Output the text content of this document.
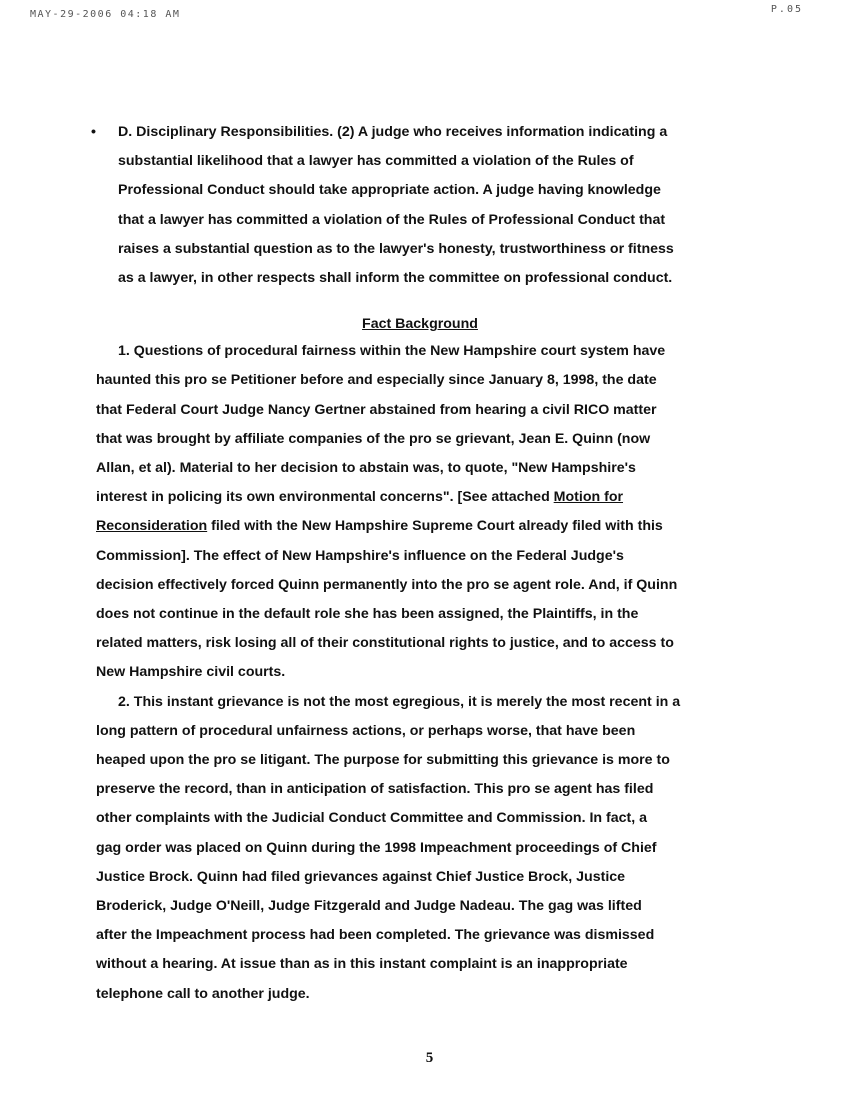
MAY-29-2006 04:18 AM	P.05
• D. Disciplinary Responsibilities. (2) A judge who receives information indicating a
substantial likelihood that a lawyer has committed a violation of the Rules of
Professional Conduct should take appropriate action. A judge having knowledge
that a lawyer has committed a violation of the Rules of Professional Conduct that
raises a substantial question as to the lawyer's honesty, trustworthiness or fitness
as a lawyer, in other respects shall inform the committee on professional conduct.
Fact Background
1. Questions of procedural fairness within the New Hampshire court system have
haunted this pro se Petitioner before and especially since January 8, 1998, the date
that Federal Court Judge Nancy Gertner abstained from hearing a civil RICO matter
that was brought by affiliate companies of the pro se grievant, Jean E. Quinn (now
Allan, et al). Material to her decision to abstain was, to quote, "New Hampshire's
interest in policing its own environmental concerns". [See attached Motion for
Reconsideration filed with the New Hampshire Supreme Court already filed with this
Commission]. The effect of New Hampshire's influence on the Federal Judge's
decision effectively forced Quinn permanently into the pro se agent role. And, if Quinn
does not continue in the default role she has been assigned, the Plaintiffs, in the
related matters, risk losing all of their constitutional rights to justice, and to access to
New Hampshire civil courts.
2. This instant grievance is not the most egregious, it is merely the most recent in a
long pattern of procedural unfairness actions, or perhaps worse, that have been
heaped upon the pro se litigant. The purpose for submitting this grievance is more to
preserve the record, than in anticipation of satisfaction. This pro se agent has filed
other complaints with the Judicial Conduct Committee and Commission. In fact, a
gag order was placed on Quinn during the 1998 Impeachment proceedings of Chief
Justice Brock. Quinn had filed grievances against Chief Justice Brock, Justice
Broderick, Judge O'Neill, Judge Fitzgerald and Judge Nadeau. The gag was lifted
after the Impeachment process had been completed. The grievance was dismissed
without a hearing. At issue than as in this instant complaint is an inappropriate
telephone call to another judge.
5
